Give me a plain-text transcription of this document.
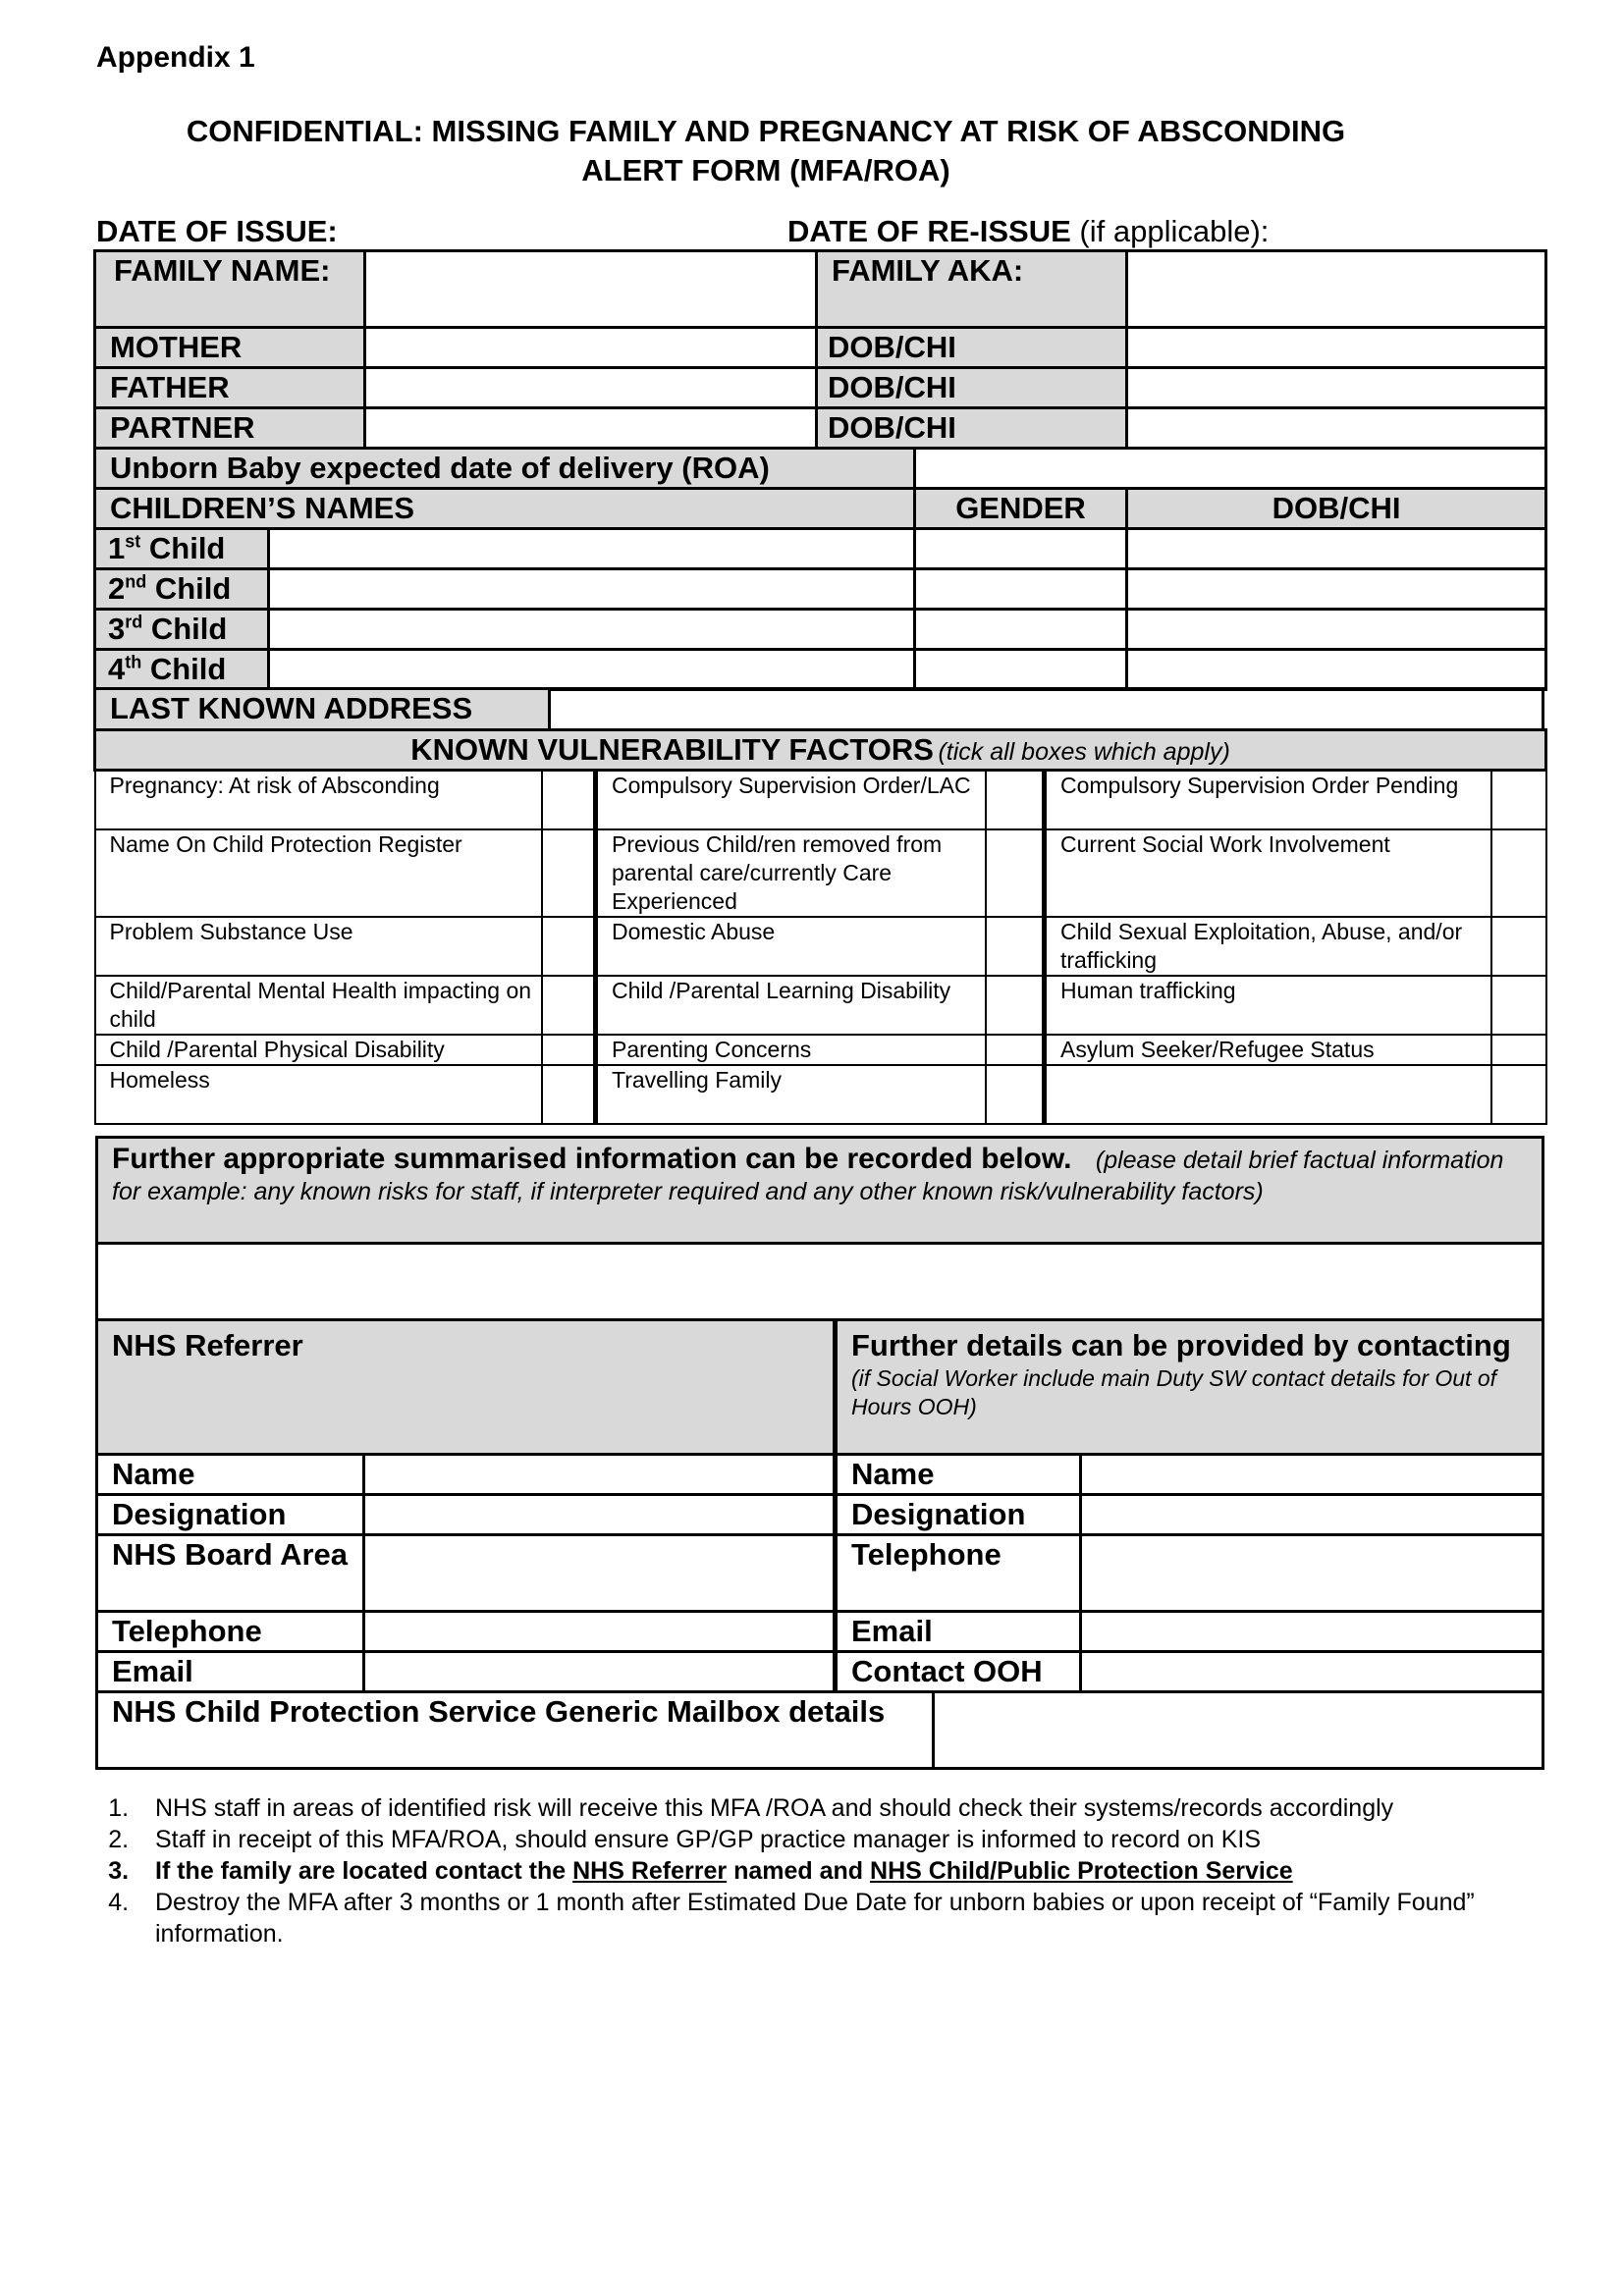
Appendix 1
CONFIDENTIAL: MISSING FAMILY AND PREGNANCY AT RISK OF ABSCONDING
ALERT FORM (MFA/ROA)
DATE OF ISSUE:	DATE OF RE-ISSUE (if applicable):
FAMILY NAME:			FAMILY AKA:		
MOTHER			DOB/CHI		
FATHER			DOB/CHI		
PARTNER			DOB/CHI		
Unborn Baby expected date of delivery (ROA)					
CHILDREN’S NAMES				GENDER	DOB/CHI
1st Child					
2nd Child					
3rd Child					
4th Child					
LAST KNOWN ADDRESS	
KNOWN VULNERABILITY FACTORS (tick all boxes which apply)					
Pregnancy: At risk of Absconding		Compulsory Supervision Order/LAC		Compulsory Supervision Order Pending	
Name On Child Protection Register		Previous Child/ren removed from parental care/currently Care Experienced		Current Social Work Involvement	
Problem Substance Use		Domestic Abuse		Child Sexual Exploitation, Abuse, and/or trafficking	
Child/Parental Mental Health impacting on child		Child /Parental Learning Disability		Human trafficking	
Child /Parental Physical Disability		Parenting Concerns		Asylum Seeker/Refugee Status	
Homeless		Travelling Family			
Further appropriate summarised information can be recorded below. (please detail brief factual information for example: any known risks for staff, if interpreter required and any other known risk/vulnerability factors)				

NHS Referrer		Further details can be provided by contacting
(if Social Worker include main Duty SW contact details for Out of Hours OOH)		

Name		Name		
Designation		Designation		
NHS Board Area		Telephone		
Telephone		Email		
Email		Contact OOH		
NHS Child Protection Service Generic Mailbox details				
1. NHS staff in areas of identified risk will receive this MFA /ROA and should check their systems/records accordingly
2. Staff in receipt of this MFA/ROA, should ensure GP/GP practice manager is informed to record on KIS
3. If the family are located contact the NHS Referrer named and NHS Child/Public Protection Service
4. Destroy the MFA after 3 months or 1 month after Estimated Due Date for unborn babies or upon receipt of “Family Found” information.
